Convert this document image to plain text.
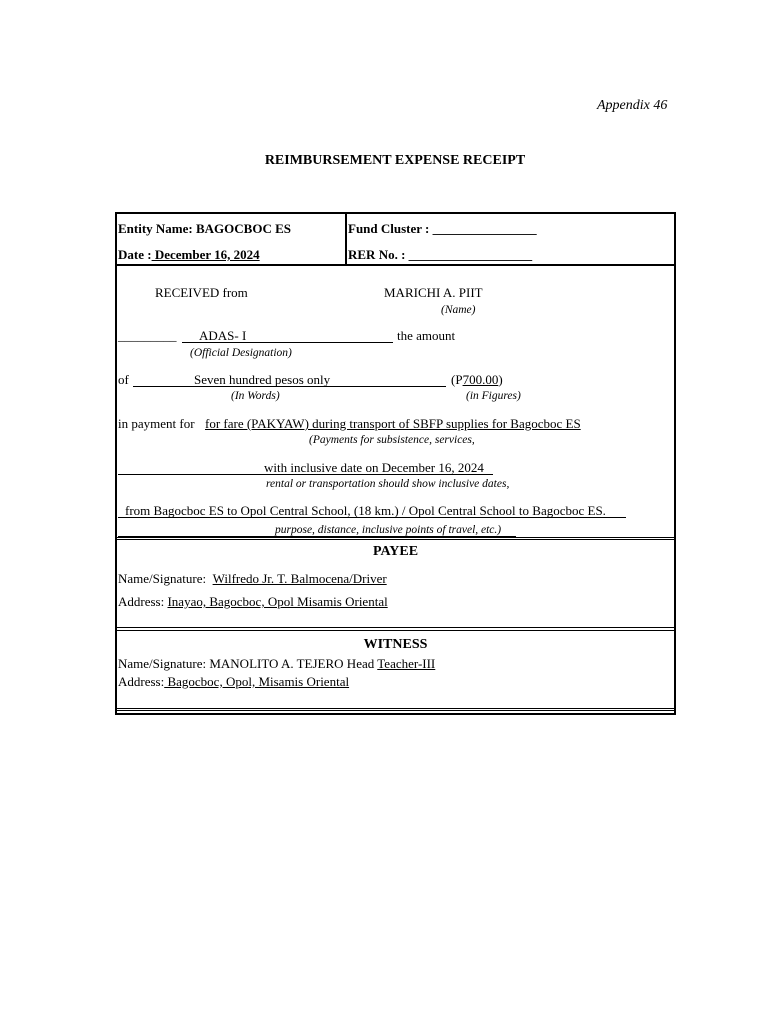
Appendix 46
REIMBURSEMENT EXPENSE RECEIPT
Entity Name: BAGOCBOC ES
Date : December 16, 2024
Fund Cluster : ________________
RER No. : ___________________
RECEIVED from	MARICHI A. PIIT
(Name)
_________ ADAS- I	the amount
(Official Designation)
of	Seven hundred pesos only	(P700.00)
(In Words)	(in Figures)
in payment for for fare (PAKYAW) during transport of SBFP supplies for Bagocboc ES
(Payments for subsistence, services,
with inclusive date on December 16, 2024
rental or transportation should show inclusive dates,
from Bagocboc ES to Opol Central School, (18 km.) / Opol Central School to Bagocboc ES.
purpose, distance, inclusive points of travel, etc.)
PAYEE
Name/Signature: Wilfredo Jr. T. Balmocena/Driver
Address: Inayao, Bagocboc, Opol Misamis Oriental
WITNESS
Name/Signature: MANOLITO A. TEJERO Head Teacher-III
Address: Bagocboc, Opol, Misamis Oriental
